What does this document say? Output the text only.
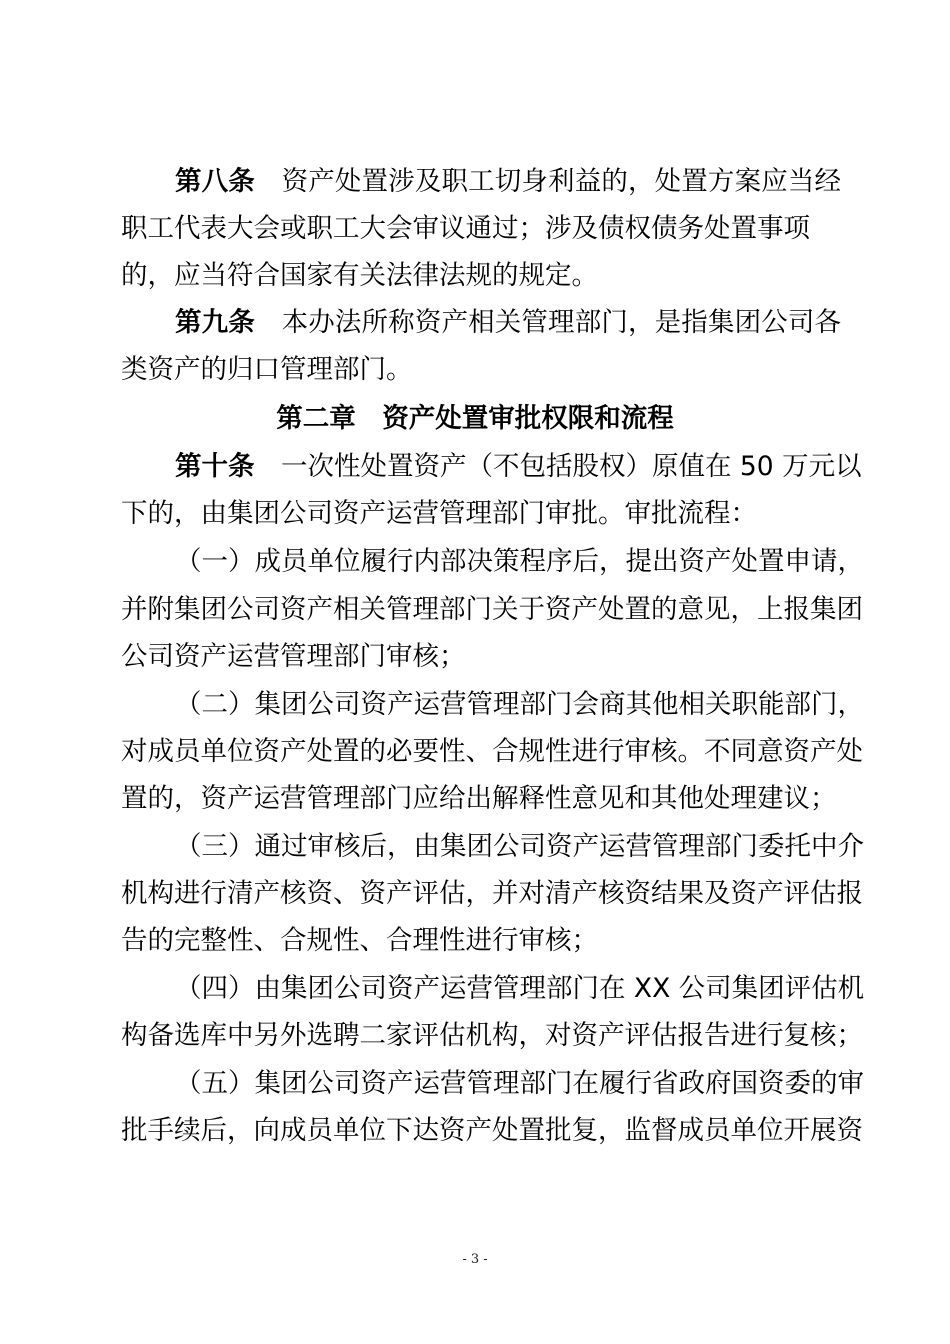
第八条　 资产处置涉及职工切身利益的，处置方案应当经
职工代表大会或职工大会审议通过；涉及债权债务处置事项
的，应当符合国家有关法律法规的规定。
第九条　 本办法所称资产相关管理部门，是指集团公司各
类资产的归口管理部门。
第二章　资产处置审批权限和流程
第十条　 一次性处置资产（不包括股权）原值在 50 万元以
下的，由集团公司资产运营管理部门审批。审批流程：
（一）成员单位履行内部决策程序后，提出资产处置申请，
并附集团公司资产相关管理部门关于资产处置的意见，上报集团
公司资产运营管理部门审核；
（二）集团公司资产运营管理部门会商其他相关职能部门，
对成员单位资产处置的必要性、合规性进行审核。不同意资产处
置的，资产运营管理部门应给出解释性意见和其他处理建议；
（三）通过审核后，由集团公司资产运营管理部门委托中介
机构进行清产核资、资产评估，并对清产核资结果及资产评估报
告的完整性、合规性、合理性进行审核；
（四）由集团公司资产运营管理部门在 XX 公司集团评估机
构备选库中另外选聘二家评估机构，对资产评估报告进行复核；
（五）集团公司资产运营管理部门在履行省政府国资委的审
批手续后，向成员单位下达资产处置批复，监督成员单位开展资
- 3 -
